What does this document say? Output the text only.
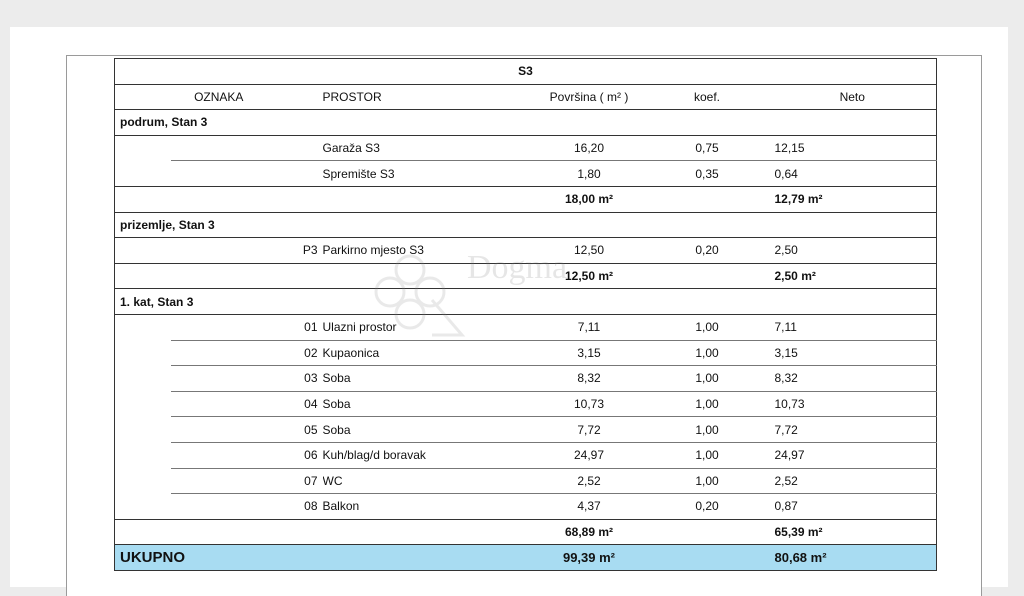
S3					
OZNAKA		PROSTOR	Površina ( m² )	koef.	Neto
podrum, Stan 3					
		Garaža S3	16,20	0,75	12,15
		Spremište S3	1,80	0,35	0,64
			18,00 m²		12,79 m²
prizemlje, Stan 3					
	P3	Parkirno mjesto S3	12,50	0,20	2,50
			12,50 m²		2,50 m²
1. kat, Stan 3					
	01	Ulazni prostor	7,11	1,00	7,11
	02	Kupaonica	3,15	1,00	3,15
	03	Soba	8,32	1,00	8,32
	04	Soba	10,73	1,00	10,73
	05	Soba	7,72	1,00	7,72
	06	Kuh/blag/d boravak	24,97	1,00	24,97
	07	WC	2,52	1,00	2,52
	08	Balkon	4,37	0,20	0,87
			68,89 m²		65,39 m²
UKUPNO			99,39 m²		80,68 m²
